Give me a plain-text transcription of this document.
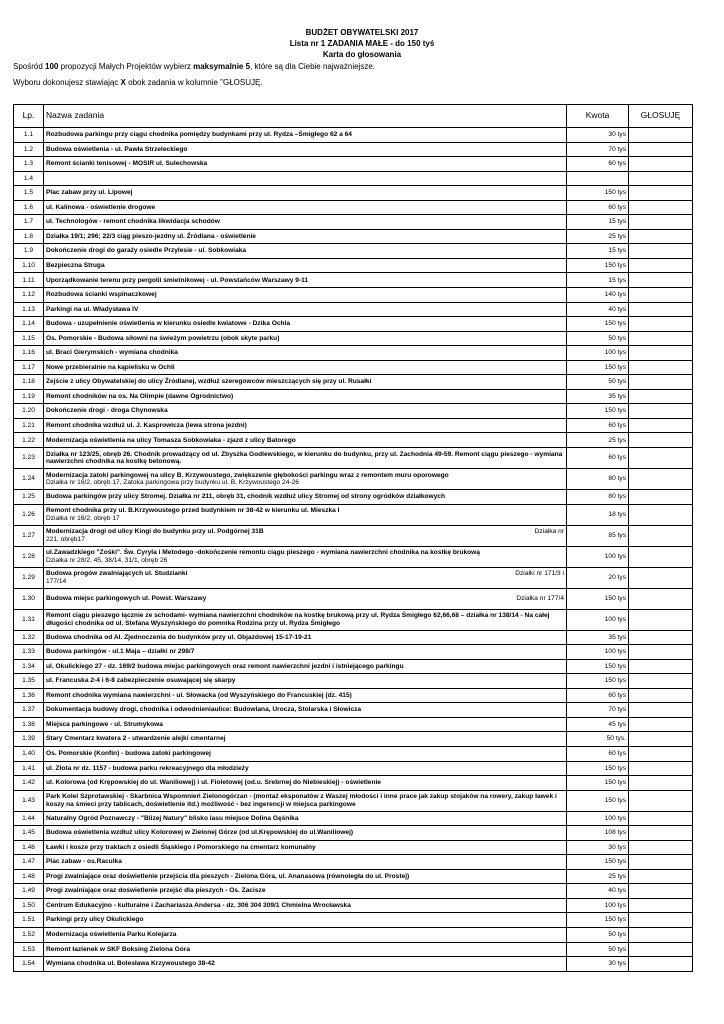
BUDŻET OBYWATELSKI 2017
Lista nr 1 ZADANIA MAŁE - do 150 tyś
Karta do głosowania
Spośród 100 propozycji Małych Projektów wybierz maksymalnie 5, które są dla Ciebie najważniejsze.
Wyboru dokonujesz stawiając X obok zadania w kolumnie "GŁOSUJĘ.
Lp.	Nazwa zadania	Kwota	GŁOSUJĘ
1.1	Rozbudowa parkingu przy ciągu chodnika pomiędzy budynkami przy ul. Rydza –Śmigłego 62 a 64	30 tys	
1.2	Budowa oświetlenia - ul. Pawła Strzeleckiego	70 tys	
1.3	Remont ścianki tenisowej - MOSIR ul. Sulechowska	60 tys	
1.4	

1.5	Plac zabaw przy ul. Lipowej	150 tys	
1.6	ul. Kalinowa - oświetlenie drogowe	60 tys	
1.7	ul. Technologów - remont chodnika likwidacja schodów	15 tys	
1.8	Działka 19/1; 296; 22/3 ciąg pieszo-jezdny ul. Źródlana - oświetlenie	25 tys	
1.9	Dokończenie drogi do garaży osiedle Przylesie - ul. Sobkowiaka	15 tys	
1.10	Bezpieczna Struga	150 tys	
1.11	Uporządkowanie terenu przy pergolii śmietnikowej - ul. Powstańców Warszawy 9-11	15 tys	
1.12	Rozbudowa ścianki wspinaczkowej	140 tys	
1.13	Parkingi na ul. Władysława IV	40 tys	
1.14	Budowa - uzupełnienie oświetlenia w kierunku osiedle kwiatowe - Dzika Ochla	150 tys	
1.15	Os. Pomorskie - Budowa siłowni na świeżym powietrzu (obok skyte parku)	50 tys	
1.16	ul. Braci Gierymskich - wymiana chodnika	100 tys	
1.17	Nowe przebieralnie na kąpielisku w Ochli	150 tys	
1.18	Zejście z ulicy Obywatelskiej do ulicy Źródlanej, wzdłuż szeregowców mieszczących się przy ul. Rusałki	50 tys	
1.19	Remont chodników na os. Na Olimpie (dawne Ogrodnictwo)	35 tys	
1.20	Dokończenie drogi - droga Chynowska	150 tys	
1.21	Remont chodnika wzdłuż ul. J. Kasprowicza (lewa strona jezdni)	60 tys	
1.22	Modernizacja oświetlenia na ulicy Tomasza Sobkowiaka - zjazd z ulicy Batorego	25 tys	
1.23	Działka nr 123/25, obręb 26. Chodnik prowadzący od ul. Zbyszka Godlewskiego, w kierunku do budynku, przy ul. Zachodnia 49-59. Remont ciągu pieszego - wymiana nawierzchni chodnika na kostkę betonową.	60 tys	
1.24	Modernizacja zatoki parkingowej na ulicy B. Krzywoustego, zwiększenie głębokości parkingu wraz z remontem muru oporowego
Działka nr 16/2, obręb 17, Zatoka parkingowa przy budynku ul. B. Krzywoustego 24-26	80 tys	
1.25	Budowa parkingów przy ulicy Stromej. Działka nr 211, obręb 31, chodnik wzdłuż ulicy Stromej od strony ogródków działkowych	80 tys	
1.26	Remont chodnika przy ul. B.Krzywoustego przed budynkiem nr 38-42 w kierunku ul. Mieszka I
Działka nr 16/2, obręb 17	18 tys	
1.27	Modernizacja drogi od ulicy Kingi do budynku przy ul. Podgórnej 31B Działka nr
221, obręb17	85 tys	
1.28	ul.Zawadzkiego "Zośki". Św. Cyryla i Metodego -dokończenie remontu ciągu pieszego - wymiana nawierzchni chodnika na kostkę brukową
Działka nr 28/2, 45, 38/14, 31/1, obręb 26	100 tys	
1.29	Budowa progów zwalniających ul. Studzianki Działki nr 171/3 i
177/14	20 tys	
1.30	Budowa miejsc parkingowych ul. Powst. Warszawy Działka nr 177/4	150 tys	
1.31	Remont ciągu pieszego łącznie ze schodami- wymiana nawierzchni chodników na kostkę brukową przy ul. Rydza Śmigłego 62,66,68 – działka nr 138/14 - Na całej długości chodnika od ul. Stefana Wyszyńskiego do pomnika Rodzina przy ul. Rydza Śmigłego	100 tys	
1.32	Budowa chodnika od Al. Zjednoczenia do budynków przy ul. Objazdowej 15-17-19-21	35 tys	
1.33	Budowa parkingów - ul.1 Maja – działki nr 298/7	100 tys	
1.34	ul. Okulickiego 27 - dz. 169/2 budowa miejsc parkingowych oraz remont nawierzchni jezdni i istniejącego parkingu	150 tys	
1.35	ul. Francuska 2-4 i 6-8 zabezpieczenie osuwającej się skarpy	150 tys	
1.36	Remont chodnika wymiana nawierzchni - ul. Słowacka (od Wyszyńskiego do Francuskiej (dz. 415)	60 tys	
1.37	Dokumentacja budowy drogi, chodnika i odwodnieniaulice: Budowlana, Urocza, Stolarska i Słowicza	70 tys	
1.38	Miejsca parkingowe - ul. Strumykowa	45 tys	
1.39	Stary Cmentarz kwatera 2 - utwardzenie alejki cmentarnej	50 tys.	
1.40	Os. Pomorskie (Konfin) - budowa zatoki parkingowej	60 tys	
1.41	ul. Złota nr dz. 1157 - budowa parku rekreacyjnego dla młodzieży	150 tys	
1.42	ul. Kolorowa (od Krępowskiej do ul. Waniliowej) i ul. Fioletowej (od.u. Srebrnej do Niebieskiej) - oświetlenie	150 tys	
1.43	Park Kolei Szprotawskiej - Skarbnica Wspomnień Zielonogórzan - (montaż eksponatów z Waszej młodości i inne prace jak zakup stojaków na rowery, zakup ławek i koszy na śmieci przy tablicach, doświetlenie itd.) możliwość - bez ingerencji w miejsca parkingowe	150 tys	
1.44	Naturalny Ogród Poznawczy - "Blizej Natury" blisko lasu miejsce Dolina Gęśnika	100 tys	
1.45	Budowa oświetlenia wzdłuż ulicy Kolorowej w Zielonej Górze (od ul.Krępowskiej do ul.Waniliowej)	108 tys	
1.46	Ławki i kosze przy traktach z osiedli Śląskiego i Pomorskiego na cmentarz komunalny	30 tys	
1.47	Plac zabaw - os.Raculka	150 tys	
1.48	Progi zwalniające oraz doświetlenie przejścia dla pieszych - Zielona Góra, ul. Ananasowa (równoległa do ul. Prostej)	25 tys	
1.49	Progi zwalniające oraz doświetlenie przejść dla pieszych - Os. Zacisze	40 tys	
1.50	Centrum Edukacyjno - kulturalne i Zachariasza Andersa - dz. 306 304 309/1 Chmielna Wrocławska	100 tys	
1.51	Parkingi przy ulicy Okulickiego	150 tys	
1.52	Modernizacja oświetlenia Parku Kolejarza	50 tys	
1.53	Remont łazienek w SKF Boksing Zielona Góra	50 tys	
1.54	Wymiana chodnika ul. Bolesława Krzywoustego 38-42	30 tys	
